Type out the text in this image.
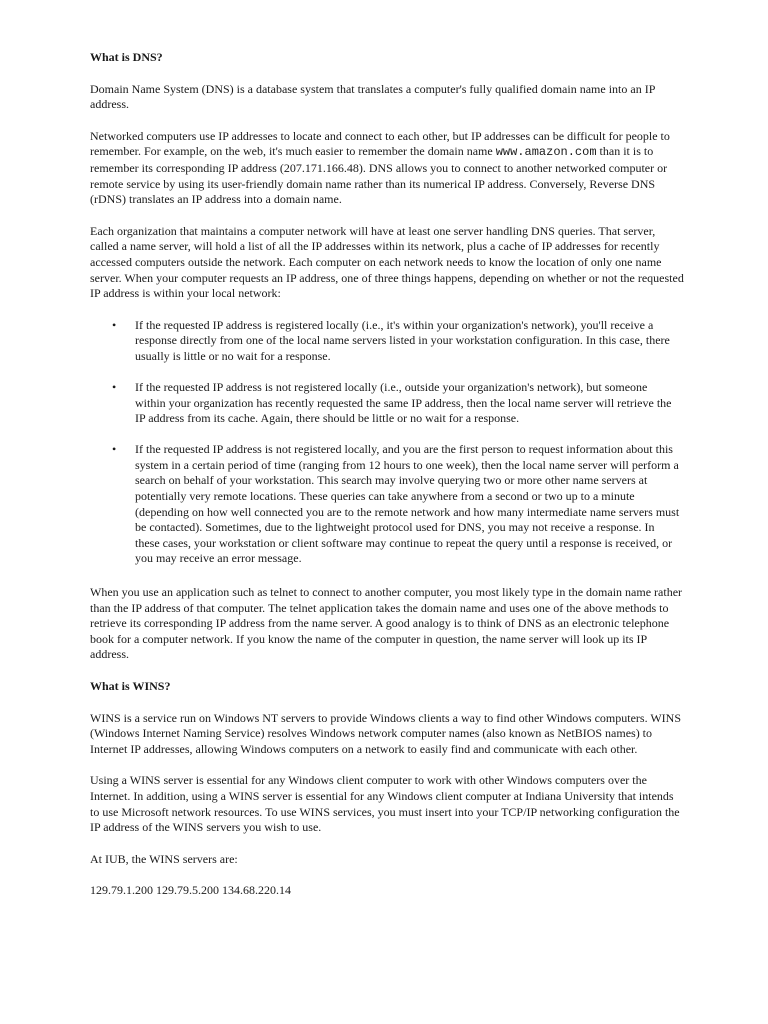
What is DNS?

Domain Name System (DNS) is a database system that translates a computer's fully qualified domain name into an IP address.

Networked computers use IP addresses to locate and connect to each other, but IP addresses can be difficult for people to remember. For example, on the web, it's much easier to remember the domain name www.amazon.com than it is to remember its corresponding IP address (207.171.166.48). DNS allows you to connect to another networked computer or remote service by using its user-friendly domain name rather than its numerical IP address. Conversely, Reverse DNS (rDNS) translates an IP address into a domain name.

Each organization that maintains a computer network will have at least one server handling DNS queries. That server, called a name server, will hold a list of all the IP addresses within its network, plus a cache of IP addresses for recently accessed computers outside the network. Each computer on each network needs to know the location of only one name server. When your computer requests an IP address, one of three things happens, depending on whether or not the requested IP address is within your local network:

• If the requested IP address is registered locally (i.e., it's within your organization's network), you'll receive a response directly from one of the local name servers listed in your workstation configuration. In this case, there usually is little or no wait for a response.
• If the requested IP address is not registered locally (i.e., outside your organization's network), but someone within your organization has recently requested the same IP address, then the local name server will retrieve the IP address from its cache. Again, there should be little or no wait for a response.
• If the requested IP address is not registered locally, and you are the first person to request information about this system in a certain period of time (ranging from 12 hours to one week), then the local name server will perform a search on behalf of your workstation. This search may involve querying two or more other name servers at potentially very remote locations. These queries can take anywhere from a second or two up to a minute (depending on how well connected you are to the remote network and how many intermediate name servers must be contacted). Sometimes, due to the lightweight protocol used for DNS, you may not receive a response. In these cases, your workstation or client software may continue to repeat the query until a response is received, or you may receive an error message.

When you use an application such as telnet to connect to another computer, you most likely type in the domain name rather than the IP address of that computer. The telnet application takes the domain name and uses one of the above methods to retrieve its corresponding IP address from the name server. A good analogy is to think of DNS as an electronic telephone book for a computer network. If you know the name of the computer in question, the name server will look up its IP address.

What is WINS?

WINS is a service run on Windows NT servers to provide Windows clients a way to find other Windows computers. WINS (Windows Internet Naming Service) resolves Windows network computer names (also known as NetBIOS names) to Internet IP addresses, allowing Windows computers on a network to easily find and communicate with each other.

Using a WINS server is essential for any Windows client computer to work with other Windows computers over the Internet. In addition, using a WINS server is essential for any Windows client computer at Indiana University that intends to use Microsoft network resources. To use WINS services, you must insert into your TCP/IP networking configuration the IP address of the WINS servers you wish to use.

At IUB, the WINS servers are:

129.79.1.200 129.79.5.200 134.68.220.14
